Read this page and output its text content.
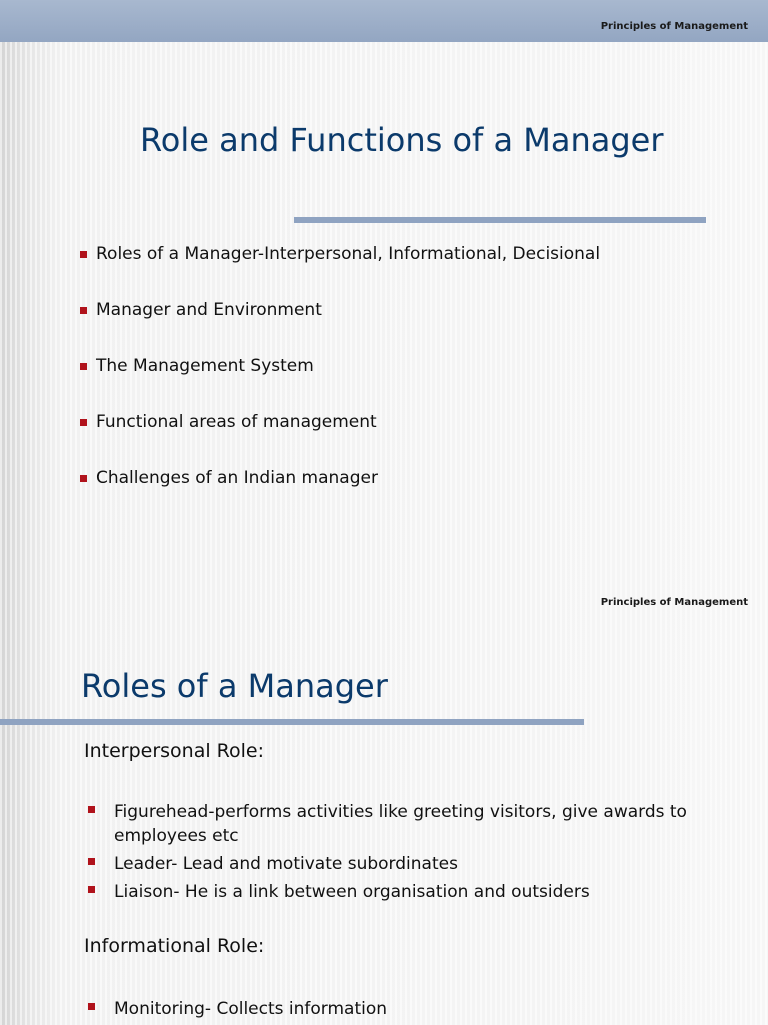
Principles of Management
Role and Functions of a Manager
Roles of a Manager-Interpersonal, Informational, Decisional
Manager and Environment
The Management System
Functional areas of management
Challenges of an Indian manager
Principles of Management
Roles of a Manager
Interpersonal Role:
Figurehead-performs activities like greeting visitors, give awards to employees etc
Leader- Lead and motivate subordinates
Liaison- He is a link between organisation and outsiders
Informational Role:
Monitoring- Collects information
